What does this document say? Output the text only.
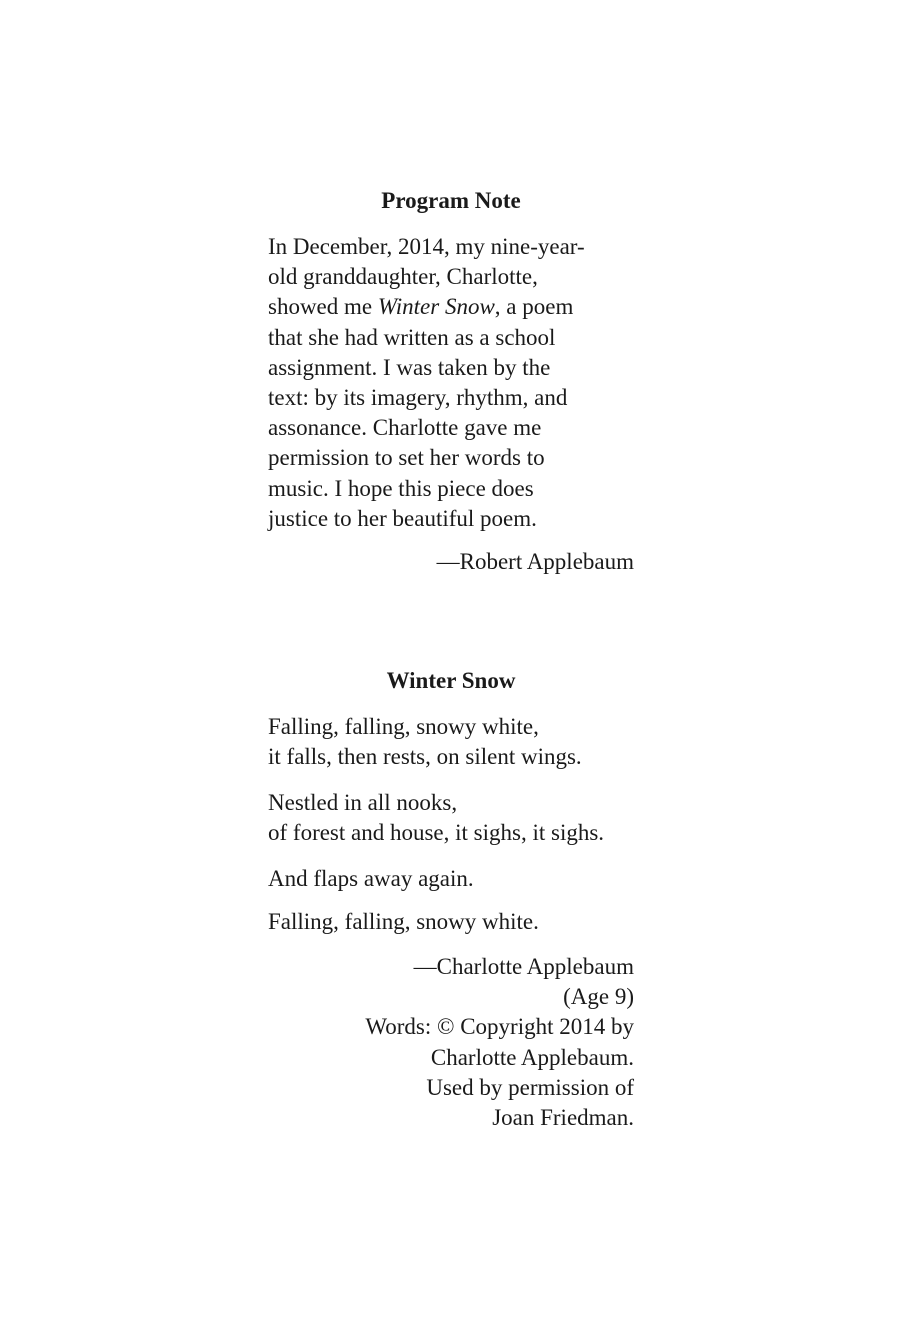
Program Note

In December, 2014, my nine-year-
old granddaughter, Charlotte,
showed me Winter Snow, a poem
that she had written as a school
assignment. I was taken by the
text: by its imagery, rhythm, and
assonance. Charlotte gave me
permission to set her words to
music. I hope this piece does
justice to her beautiful poem.

—Robert Applebaum

Winter Snow

Falling, falling, snowy white,
it falls, then rests, on silent wings.

Nestled in all nooks,
of forest and house, it sighs, it sighs.

And flaps away again.

Falling, falling, snowy white.

—Charlotte Applebaum
(Age 9)
Words: © Copyright 2014 by
Charlotte Applebaum.
Used by permission of
Joan Friedman.
